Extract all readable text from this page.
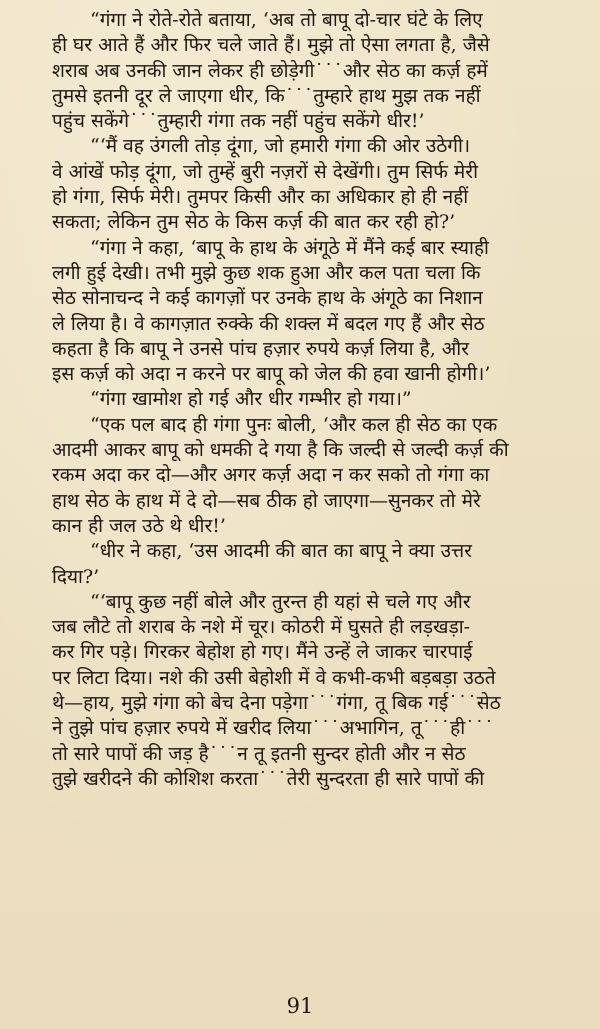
“गंगा ने रोते-रोते बताया, ‘अब तो बापू दो-चार घंटे के लिए
ही घर आते हैं और फिर चले जाते हैं। मुझे तो ऐसा लगता है, जैसे
शराब अब उनकी जान लेकर ही छोड़ेगी˙˙˙और सेठ का कर्ज़ हमें
तुमसे इतनी दूर ले जाएगा धीर, कि˙˙˙तुम्हारे हाथ मुझ तक नहीं
पहुंच सकेंगे˙˙˙तुम्हारी गंगा तक नहीं पहुंच सकेंगे धीर!’
“‘मैं वह उंगली तोड़ दूंगा, जो हमारी गंगा की ओर उठेगी।
वे आंखें फोड़ दूंगा, जो तुम्हें बुरी नज़रों से देखेंगी। तुम सिर्फ मेरी
हो गंगा, सिर्फ मेरी। तुमपर किसी और का अधिकार हो ही नहीं
सकता; लेकिन तुम सेठ के किस कर्ज़ की बात कर रही हो?’
“गंगा ने कहा, ‘बापू के हाथ के अंगूठे में मैंने कई बार स्याही
लगी हुई देखी। तभी मुझे कुछ शक हुआ और कल पता चला कि
सेठ सोनाचन्द ने कई कागज़ों पर उनके हाथ के अंगूठे का निशान
ले लिया है। वे कागज़ात रुक्के की शक्ल में बदल गए हैं और सेठ
कहता है कि बापू ने उनसे पांच हज़ार रुपये कर्ज़ लिया है, और
इस कर्ज़ को अदा न करने पर बापू को जेल की हवा खानी होगी।’
“गंगा खामोश हो गई और धीर गम्भीर हो गया।”
“एक पल बाद ही गंगा पुनः बोली, ‘और कल ही सेठ का एक
आदमी आकर बापू को धमकी दे गया है कि जल्दी से जल्दी कर्ज़ की
रकम अदा कर दो—और अगर कर्ज़ अदा न कर सको तो गंगा का
हाथ सेठ के हाथ में दे दो—सब ठीक हो जाएगा—सुनकर तो मेरे
कान ही जल उठे थे धीर!’
“धीर ने कहा, ‘उस आदमी की बात का बापू ने क्या उत्तर
दिया?’
“‘बापू कुछ नहीं बोले और तुरन्त ही यहां से चले गए और
जब लौटे तो शराब के नशे में चूर। कोठरी में घुसते ही लड़खड़ा-
कर गिर पड़े। गिरकर बेहोश हो गए। मैंने उन्हें ले जाकर चारपाई
पर लिटा दिया। नशे की उसी बेहोशी में वे कभी-कभी बड़बड़ा उठते
थे—हाय, मुझे गंगा को बेच देना पड़ेगा˙˙˙गंगा, तू बिक गई˙˙˙सेठ
ने तुझे पांच हज़ार रुपये में खरीद लिया˙˙˙अभागिन, तू˙˙˙ही˙˙˙
तो सारे पापों की जड़ है˙˙˙न तू इतनी सुन्दर होती और न सेठ
तुझे खरीदने की कोशिश करता˙˙˙तेरी सुन्दरता ही सारे पापों की
91
